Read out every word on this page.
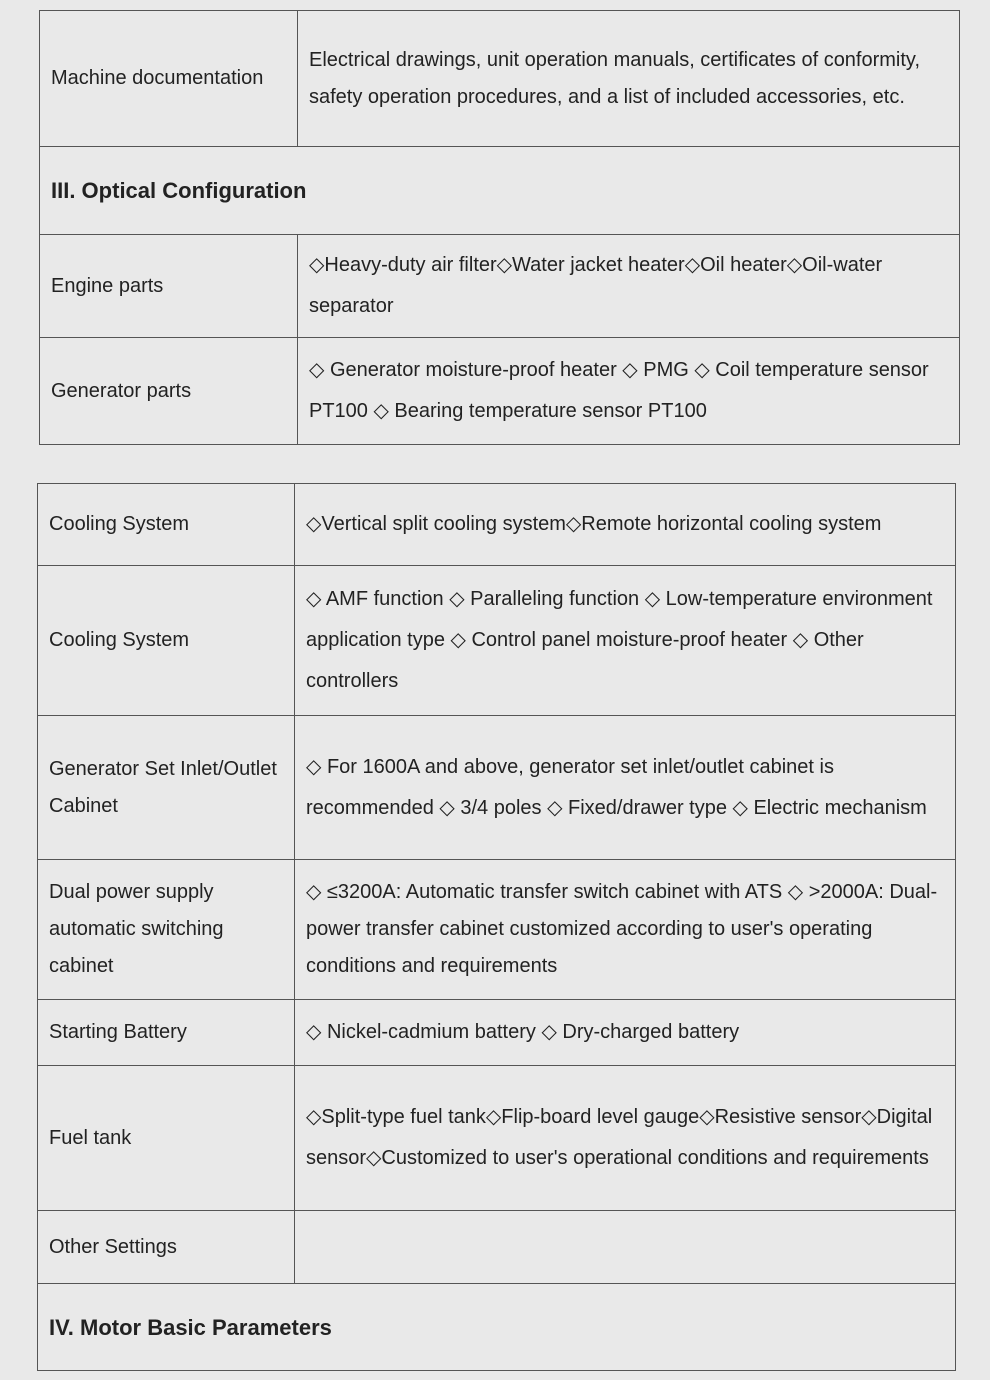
Machine documentation	Electrical drawings, unit operation manuals, certificates of conformity, safety operation procedures, and a list of included accessories, etc.
III. Optical Configuration	
Engine parts	◇Heavy-duty air filter◇Water jacket heater◇Oil heater◇Oil-water separator
Generator parts	◇ Generator moisture-proof heater ◇ PMG ◇ Coil temperature sensor PT100 ◇ Bearing temperature sensor PT100
Cooling System	◇Vertical split cooling system◇Remote horizontal cooling system
Cooling System	◇ AMF function ◇ Paralleling function ◇ Low-temperature environment application type ◇ Control panel moisture-proof heater ◇ Other controllers
Generator Set Inlet/Outlet Cabinet	◇ For 1600A and above, generator set inlet/outlet cabinet is recommended ◇ 3/4 poles ◇ Fixed/drawer type ◇ Electric mechanism
Dual power supply automatic switching cabinet	◇ ≤3200A: Automatic transfer switch cabinet with ATS ◇ >2000A: Dual-power transfer cabinet customized according to user's operating conditions and requirements
Starting Battery	◇ Nickel-cadmium battery ◇ Dry-charged battery
Fuel tank	◇Split-type fuel tank◇Flip-board level gauge◇Resistive sensor◇Digital sensor◇Customized to user's operational conditions and requirements
Other Settings	
IV. Motor Basic Parameters	
